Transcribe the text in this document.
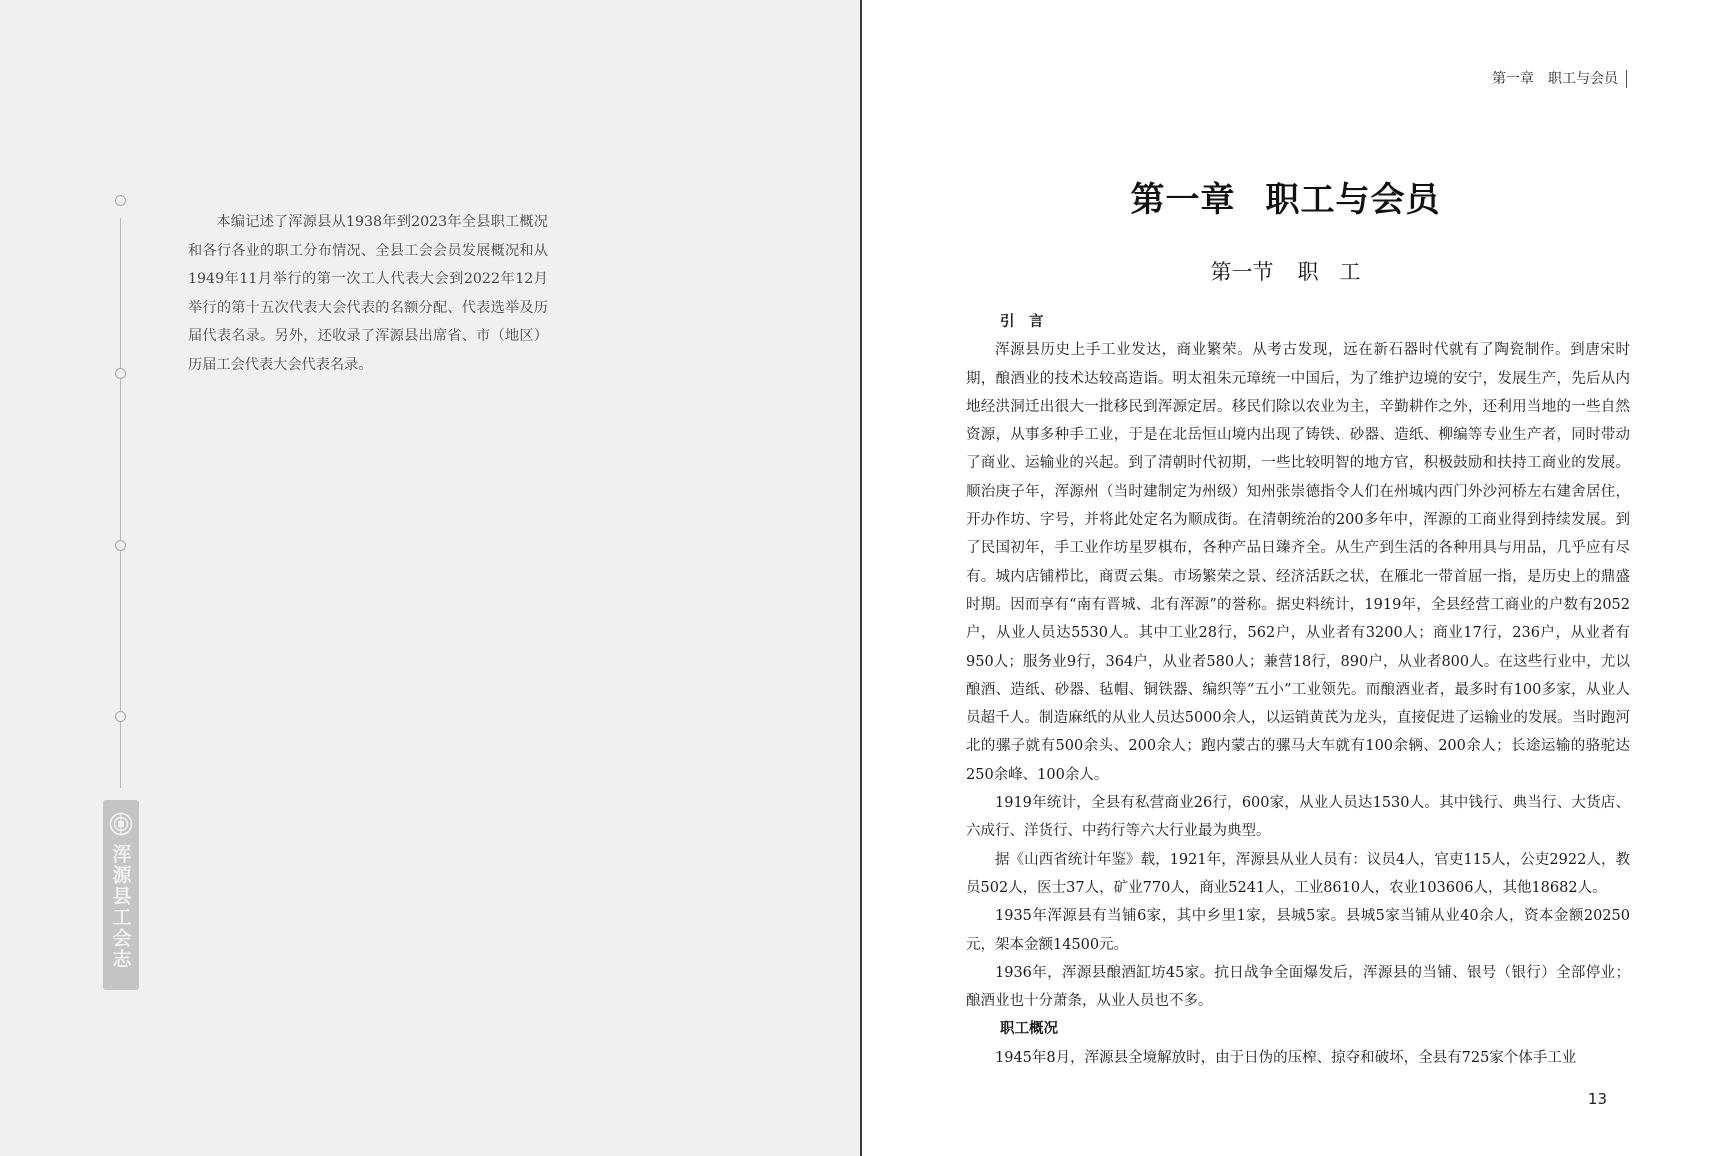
浑源县工会志

本编记述了浑源县从1938年到2023年全县职工概况和各行各业的职工分布情况、全县工会会员发展概况和从1949年11月举行的第一次工人代表大会到2022年12月举行的第十五次代表大会代表的名额分配、代表选举及历届代表名录。另外，还收录了浑源县出席省、市（地区）历届工会代表大会代表名录。

第一章 职工与会员
第一章 职工与会员
第一节 职　工

引　言

浑源县历史上手工业发达，商业繁荣。从考古发现，远在新石器时代就有了陶瓷制作。到唐宋时期，酿酒业的技术达较高造诣。明太祖朱元璋统一中国后，为了维护边境的安宁，发展生产，先后从内地经洪洞迁出很大一批移民到浑源定居。移民们除以农业为主，辛勤耕作之外，还利用当地的一些自然资源，从事多种手工业，于是在北岳恒山境内出现了铸铁、砂器、造纸、柳编等专业生产者，同时带动了商业、运输业的兴起。到了清朝时代初期，一些比较明智的地方官，积极鼓励和扶持工商业的发展。顺治庚子年，浑源州（当时建制定为州级）知州张崇德指令人们在州城内西门外沙河桥左右建舍居住，开办作坊、字号，并将此处定名为顺成街。在清朝统治的200多年中，浑源的工商业得到持续发展。到了民国初年，手工业作坊星罗棋布，各种产品日臻齐全。从生产到生活的各种用具与用品，几乎应有尽有。城内店铺栉比，商贾云集。市场繁荣之景、经济活跃之状，在雁北一带首屈一指，是历史上的鼎盛时期。因而享有“南有晋城、北有浑源”的誉称。据史料统计，1919年，全县经营工商业的户数有2052户，从业人员达5530人。其中工业28行，562户，从业者有3200人；商业17行，236户，从业者有950人；服务业9行，364户，从业者580人；兼营18行，890户，从业者800人。在这些行业中，尤以酿酒、造纸、砂器、毡帽、铜铁器、编织等“五小”工业领先。而酿酒业者，最多时有100多家，从业人员超千人。制造麻纸的从业人员达5000余人，以运销黄芪为龙头，直接促进了运输业的发展。当时跑河北的骡子就有500余头、200余人；跑内蒙古的骡马大车就有100余辆、200余人；长途运输的骆驼达250余峰、100余人。

1919年统计，全县有私营商业26行，600家，从业人员达1530人。其中钱行、典当行、大货店、六成行、洋货行、中药行等六大行业最为典型。

据《山西省统计年鉴》载，1921年，浑源县从业人员有：议员4人，官吏115人，公吏2922人，教员502人，医士37人，矿业770人，商业5241人，工业8610人，农业103606人，其他18682人。

1935年浑源县有当铺6家，其中乡里1家，县城5家。县城5家当铺从业40余人，资本金额20250元，架本金额14500元。

1936年，浑源县酿酒缸坊45家。抗日战争全面爆发后，浑源县的当铺、银号（银行）全部停业；酿酒业也十分萧条，从业人员也不多。

职工概况

1945年8月，浑源县全境解放时，由于日伪的压榨、掠夺和破坏，全县有725家个体手工业

13
